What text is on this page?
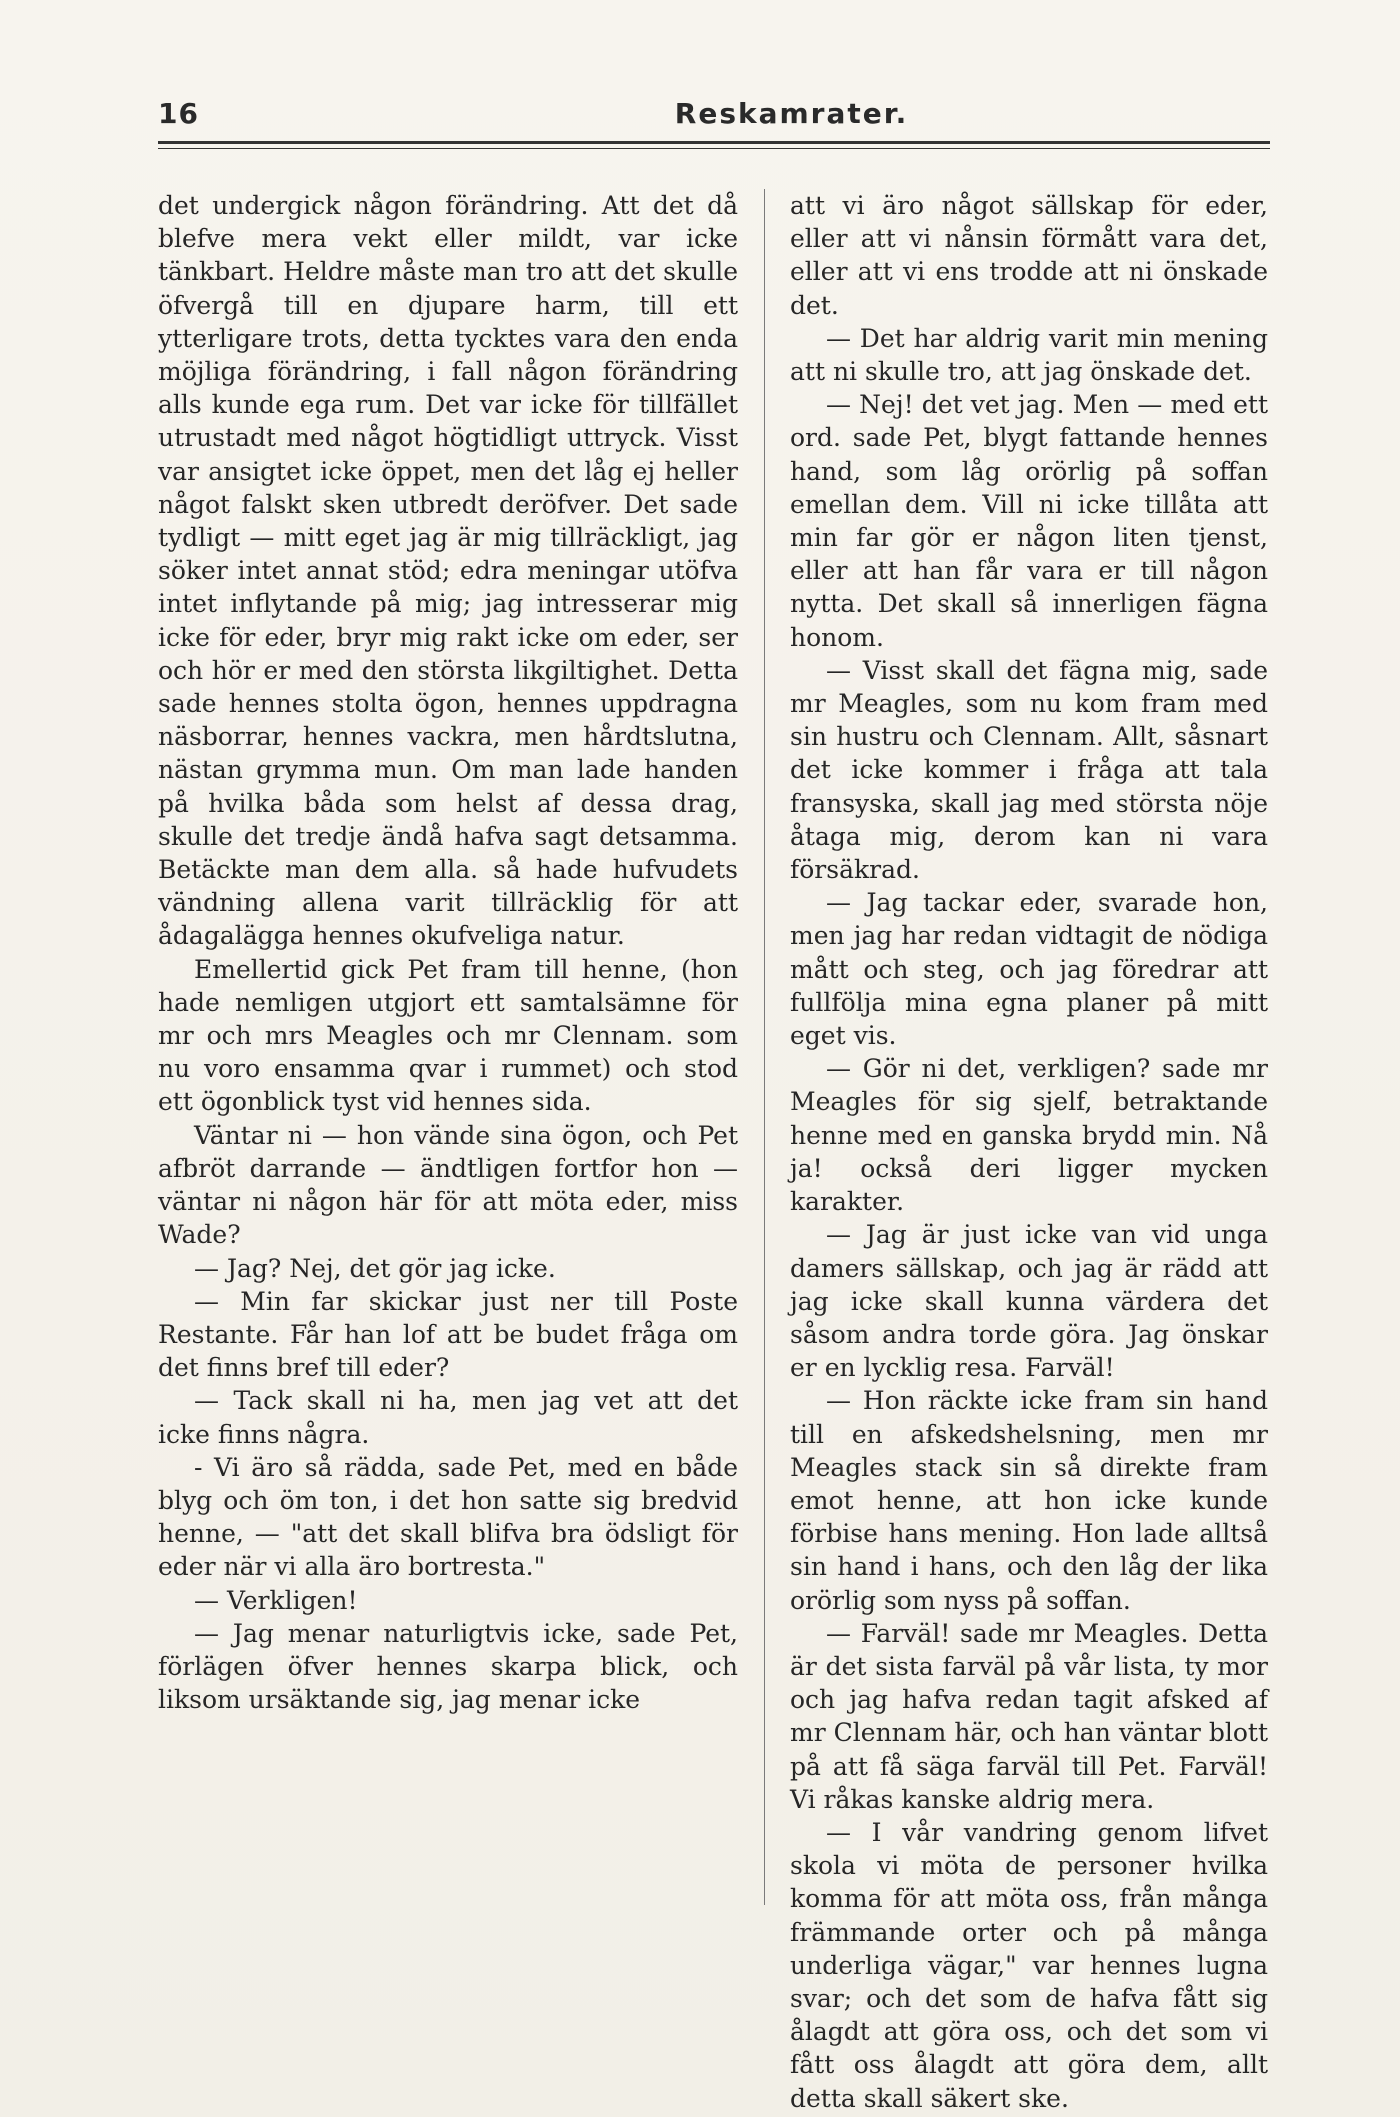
16	Reskamrater.

det undergick någon förändring. Att det då blefve mera vekt eller mildt, var icke tänkbart. Heldre måste man tro att det skulle öfvergå till en djupare harm, till ett ytterligare trots, detta tycktes vara den enda möjliga förändring, i fall någon förändring alls kunde ega rum. Det var icke för tillfället utrustadt med något högtidligt uttryck. Visst var ansigtet icke öppet, men det låg ej heller något falskt sken utbredt deröfver. Det sade tydligt — mitt eget jag är mig tillräckligt, jag söker intet annat stöd; edra meningar utöfva intet inflytande på mig; jag intresserar mig icke för eder, bryr mig rakt icke om eder, ser och hör er med den största likgiltighet. Detta sade hennes stolta ögon, hennes uppdragna näsborrar, hennes vackra, men hårdtslutna, nästan grymma mun. Om man lade handen på hvilka båda som helst af dessa drag, skulle det tredje ändå hafva sagt detsamma. Betäckte man dem alla. så hade hufvudets vändning allena varit tillräcklig för att ådagalägga hennes okufveliga natur.

Emellertid gick Pet fram till henne, (hon hade nemligen utgjort ett samtalsämne för mr och mrs Meagles och mr Clennam. som nu voro ensamma qvar i rummet) och stod ett ögonblick tyst vid hennes sida.

Väntar ni — hon vände sina ögon, och Pet afbröt darrande — ändtligen fortfor hon — väntar ni någon här för att möta eder, miss Wade?

— Jag? Nej, det gör jag icke.

— Min far skickar just ner till Poste Restante. Får han lof att be budet fråga om det finns bref till eder?

— Tack skall ni ha, men jag vet att det icke finns några.

- Vi äro så rädda, sade Pet, med en både blyg och öm ton, i det hon satte sig bredvid henne, — "att det skall blifva bra ödsligt för eder när vi alla äro bortresta."

— Verkligen!

— Jag menar naturligtvis icke, sade Pet, förlägen öfver hennes skarpa blick, och liksom ursäktande sig, jag menar icke

att vi äro något sällskap för eder, eller att vi nånsin förmått vara det, eller att vi ens trodde att ni önskade det.

— Det har aldrig varit min mening att ni skulle tro, att jag önskade det.

— Nej! det vet jag. Men — med ett ord. sade Pet, blygt fattande hennes hand, som låg orörlig på soffan emellan dem. Vill ni icke tillåta att min far gör er någon liten tjenst, eller att han får vara er till någon nytta. Det skall så innerligen fägna honom.

— Visst skall det fägna mig, sade mr Meagles, som nu kom fram med sin hustru och Clennam. Allt, såsnart det icke kommer i fråga att tala fransyska, skall jag med största nöje åtaga mig, derom kan ni vara försäkrad.

— Jag tackar eder, svarade hon, men jag har redan vidtagit de nödiga mått och steg, och jag föredrar att fullfölja mina egna planer på mitt eget vis.

— Gör ni det, verkligen? sade mr Meagles för sig sjelf, betraktande henne med en ganska brydd min. Nå ja! också deri ligger mycken karakter.

— Jag är just icke van vid unga damers sällskap, och jag är rädd att jag icke skall kunna värdera det såsom andra torde göra. Jag önskar er en lycklig resa. Farväl!

— Hon räckte icke fram sin hand till en afskedshelsning, men mr Meagles stack sin så direkte fram emot henne, att hon icke kunde förbise hans mening. Hon lade alltså sin hand i hans, och den låg der lika orörlig som nyss på soffan.

— Farväl! sade mr Meagles. Detta är det sista farväl på vår lista, ty mor och jag hafva redan tagit afsked af mr Clennam här, och han väntar blott på att få säga farväl till Pet. Farväl! Vi råkas kanske aldrig mera.

— I vår vandring genom lifvet skola vi möta de personer hvilka komma för att möta oss, från många främmande orter och på många underliga vägar," var hennes lugna svar; och det som de hafva fått sig ålagdt att göra oss, och det som vi fått oss ålagdt att göra dem, allt detta skall säkert ske.
